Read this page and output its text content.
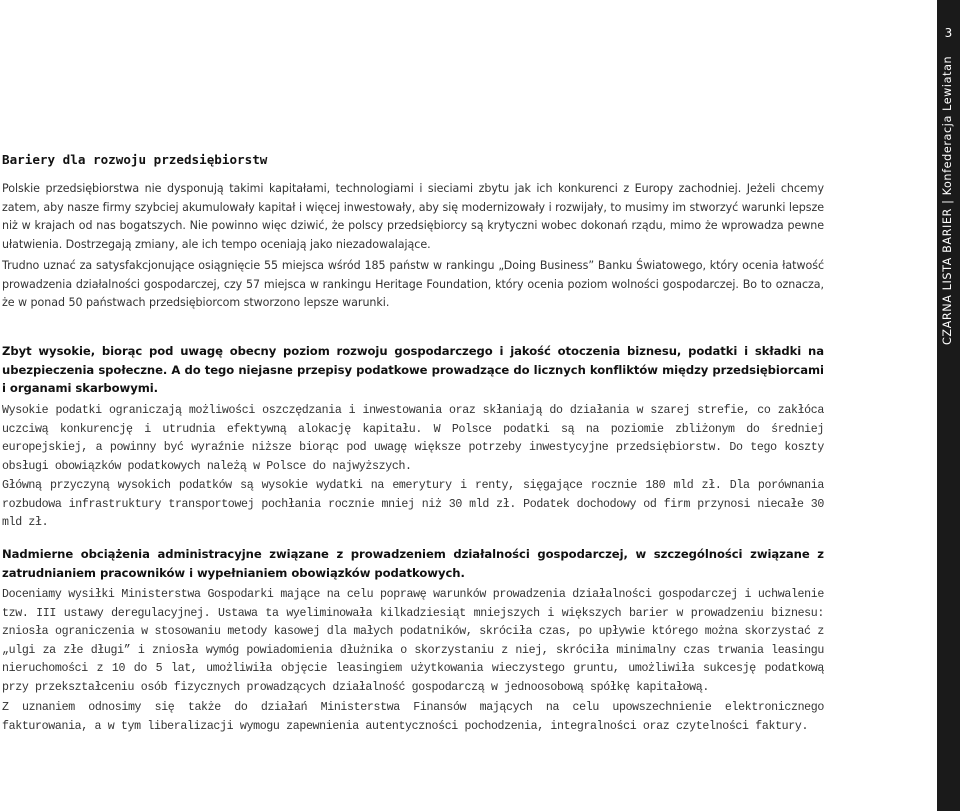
Bariery dla rozwoju przedsiębiorstw

Polskie przedsiębiorstwa nie dysponują takimi kapitałami, technologiami i sieciami zbytu jak ich konkurenci z Europy zachodniej. Jeżeli chcemy zatem, aby nasze firmy szybciej akumulowały kapitał i więcej inwestowały, aby się modernizowały i rozwijały, to musimy im stworzyć warunki lepsze niż w krajach od nas bogatszych. Nie powinno więc dziwić, że polscy przedsiębiorcy są krytyczni wobec dokonań rządu, mimo że wprowadza pewne ułatwienia. Dostrzegają zmiany, ale ich tempo oceniają jako niezadowalające.

Trudno uznać za satysfakcjonujące osiągnięcie 55 miejsca wśród 185 państw w rankingu „Doing Business” Banku Światowego, który ocenia łatwość prowadzenia działalności gospodarczej, czy 57 miejsca w rankingu Heritage Foundation, który ocenia poziom wolności gospodarczej. Bo to oznacza, że w ponad 50 państwach przedsiębiorcom stworzono lepsze warunki.

Zbyt wysokie, biorąc pod uwagę obecny poziom rozwoju gospodarczego i jakość otoczenia biznesu, podatki i składki na ubezpieczenia społeczne. A do tego niejasne przepisy podatkowe prowadzące do licznych konfliktów między przedsiębiorcami i organami skarbowymi.

Wysokie podatki ograniczają możliwości oszczędzania i inwestowania oraz skłaniają do działania w szarej strefie, co zakłóca uczciwą konkurencję i utrudnia efektywną alokację kapitału. W Polsce podatki są na poziomie zbliżonym do średniej europejskiej, a powinny być wyraźnie niższe biorąc pod uwagę większe potrzeby inwestycyjne przedsiębiorstw. Do tego koszty obsługi obowiązków podatkowych należą w Polsce do najwyższych.

Główną przyczyną wysokich podatków są wysokie wydatki na emerytury i renty, sięgające rocznie 180 mld zł. Dla porównania rozbudowa infrastruktury transportowej pochłania rocznie mniej niż 30 mld zł. Podatek dochodowy od firm przynosi niecałe 30 mld zł.

Nadmierne obciążenia administracyjne związane z prowadzeniem działalności gospodarczej, w szczególności związane z zatrudnianiem pracowników i wypełnianiem obowiązków podatkowych.

Doceniamy wysiłki Ministerstwa Gospodarki mające na celu poprawę warunków prowadzenia działalności gospodarczej i uchwalenie tzw. III ustawy deregulacyjnej. Ustawa ta wyeliminowała kilkadziesiąt mniejszych i większych barier w prowadzeniu biznesu: zniosła ograniczenia w stosowaniu metody kasowej dla małych podatników, skróciła czas, po upływie którego można skorzystać z „ulgi za złe długi” i zniosła wymóg powiadomienia dłużnika o skorzystaniu z niej, skróciła minimalny czas trwania leasingu nieruchomości z 10 do 5 lat, umożliwiła objęcie leasingiem użytkowania wieczystego gruntu, umożliwiła sukcesję podatkową przy przekształceniu osób fizycznych prowadzących działalność gospodarczą w jednoosobową spółkę kapitałową.

Z uznaniem odnosimy się także do działań Ministerstwa Finansów mających na celu upowszechnienie elektronicznego fakturowania, a w tym liberalizacji wymogu zapewnienia autentyczności pochodzenia, integralności oraz czytelności faktury.

3
CZARNA LISTA BARIER | Konfederacja Lewiatan
